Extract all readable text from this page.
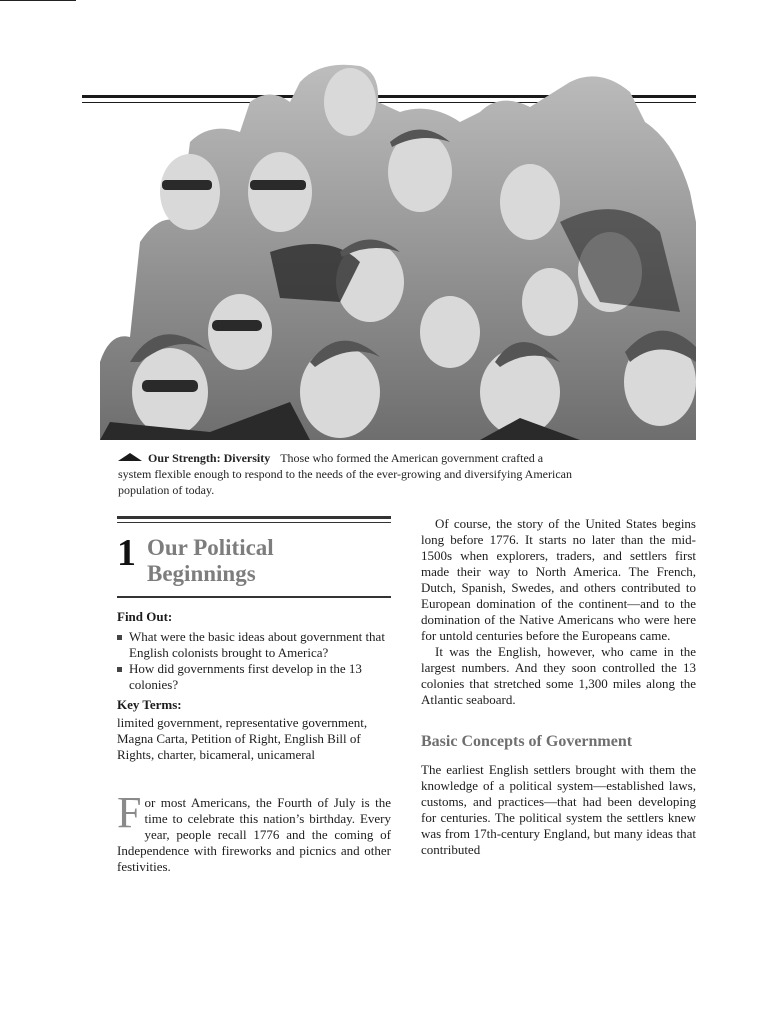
Our Strength: Diversity Those who formed the American government crafted a system flexible enough to respond to the needs of the ever-growing and diversifying American population of today.
1 Our Political
Beginnings
Find Out:
What were the basic ideas about government that English colonists brought to America?
How did governments first develop in the 13 colonies?
Key Terms:
limited government, representative government, Magna Carta, Petition of Right, English Bill of Rights, charter, bicameral, unicameral
For most Americans, the Fourth of July is the time to celebrate this nation’s birthday. Every year, people recall 1776 and the coming of Independence with fireworks and picnics and other festivities.

Of course, the story of the United States begins long before 1776. It starts no later than the mid-1500s when explorers, traders, and settlers first made their way to North America. The French, Dutch, Spanish, Swedes, and others contributed to European domination of the continent—and to the domination of the Native Americans who were here for untold centuries before the Europeans came.

It was the English, however, who came in the largest numbers. And they soon controlled the 13 colonies that stretched some 1,300 miles along the Atlantic seaboard.

Basic Concepts of Government

The earliest English settlers brought with them the knowledge of a political system—established laws, customs, and practices—that had been developing for centuries. The political system the settlers knew was from 17th-century England, but many ideas that contributed
